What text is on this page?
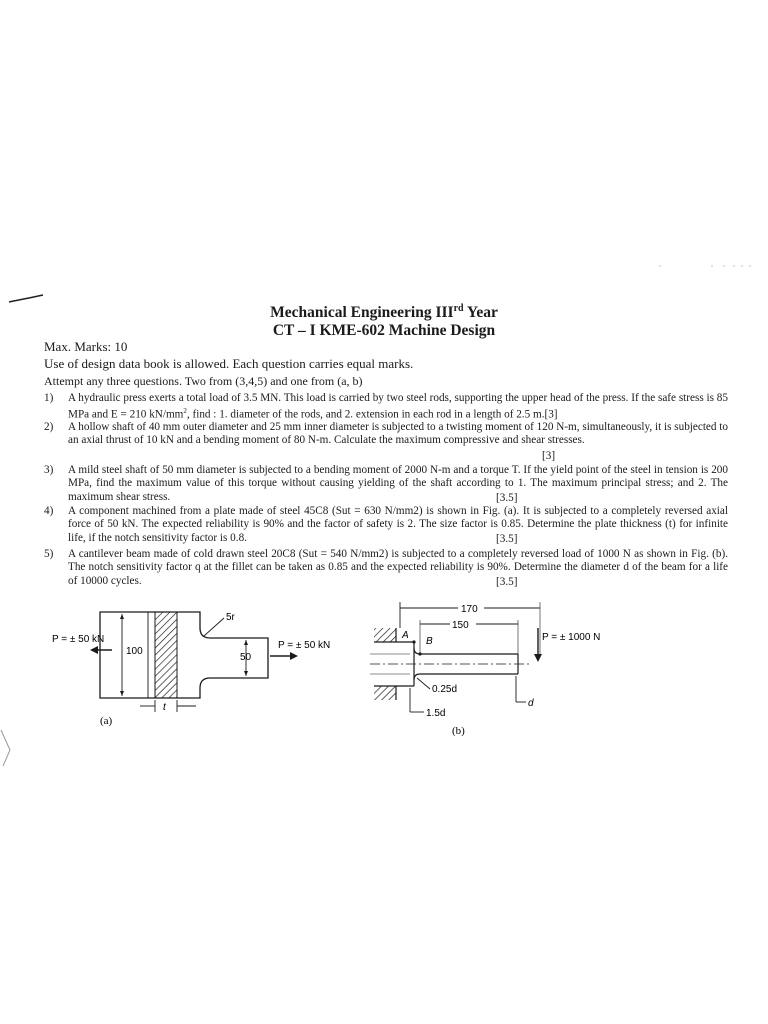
Mechanical Engineering IIIrd Year
CT – I KME-602 Machine Design
Max. Marks: 10
Use of design data book is allowed. Each question carries equal marks.
Attempt any three questions. Two from (3,4,5) and one from (a, b)
1) A hydraulic press exerts a total load of 3.5 MN. This load is carried by two steel rods, supporting the upper head of the press. If the safe stress is 85 MPa and E = 210 $kN/mm^2$, find : 1. diameter of the rods, and 2. extension in each rod in a length of 2.5 m.[3]
2) A hollow shaft of 40 mm outer diameter and 25 mm inner diameter is subjected to a twisting moment of 120 N-m, simultaneously, it is subjected to an axial thrust of 10 kN and a bending moment of 80 N-m. Calculate the maximum compressive and shear stresses.
[3]
3) A mild steel shaft of 50 mm diameter is subjected to a bending moment of 2000 N-m and a torque T. If the yield point of the steel in tension is 200 MPa, find the maximum value of this torque without causing yielding of the shaft according to 1. The maximum principal stress; and 2. The maximum shear stress.	[3.5]
4) A component machined from a plate made of steel 45C8 (Sut = 630 N/mm2) is shown in Fig. (a). It is subjected to a completely reversed axial force of 50 kN. The expected reliability is 90% and the factor of safety is 2. The size factor is 0.85. Determine the plate thickness (t) for infinite life, if the notch sensitivity factor is 0.8.	[3.5]
5) A cantilever beam made of cold drawn steel 20C8 (Sut = 540 N/mm2) is subjected to a completely reversed load of 1000 N as shown in Fig. (b). The notch sensitivity factor q at the fillet can be taken as 0.85 and the expected reliability is 90%. Determine the diameter d of the beam for a life of 10000 cycles.	[3.5]
100
50
5r
P = ± 50 kN
P = ± 50 kN
t
(a)
170
150
A
B	P = ± 1000 N
0.25d
d
1.5d
(b)
